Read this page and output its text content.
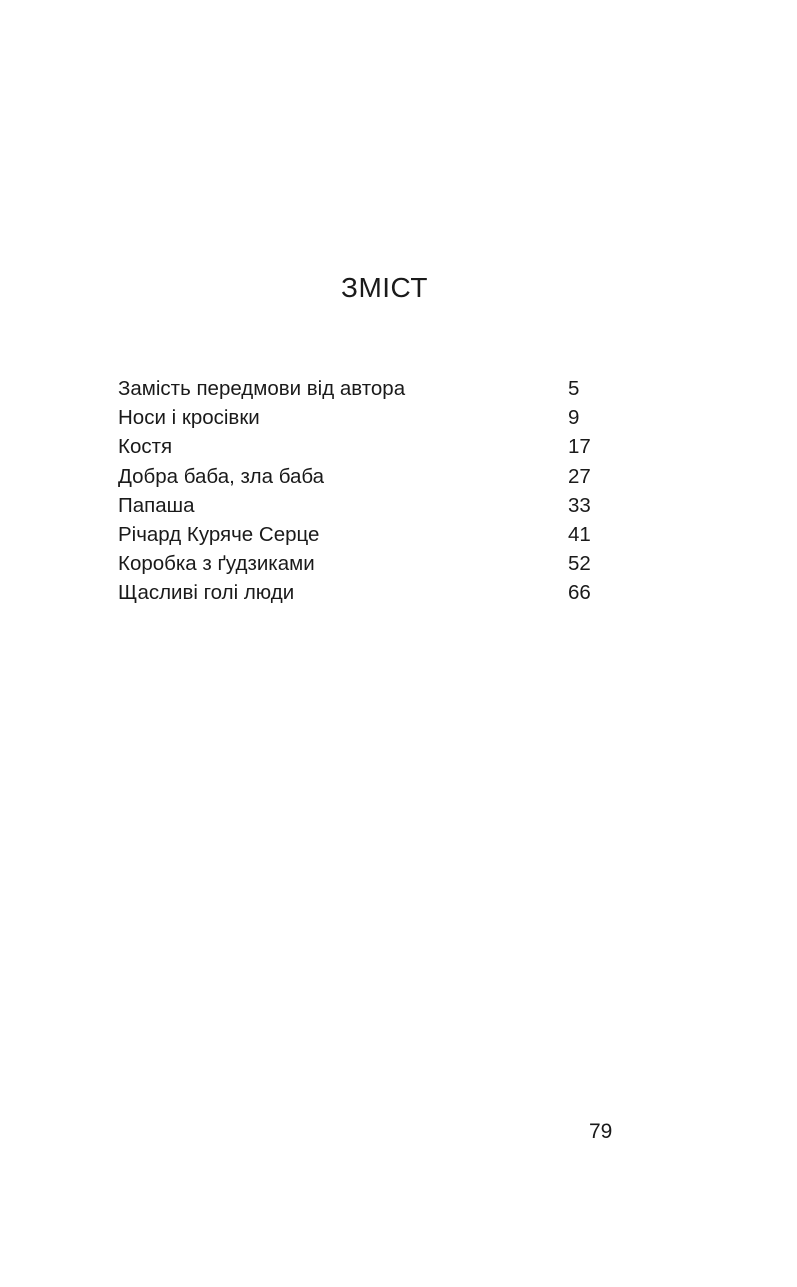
ЗМІСТ
Замість передмови від автора	5
Носи і кросівки	9
Костя	17
Добра баба, зла баба	27
Папаша	33
Річард Куряче Серце	41
Коробка з ґудзиками	52
Щасливі голі люди	66
79
